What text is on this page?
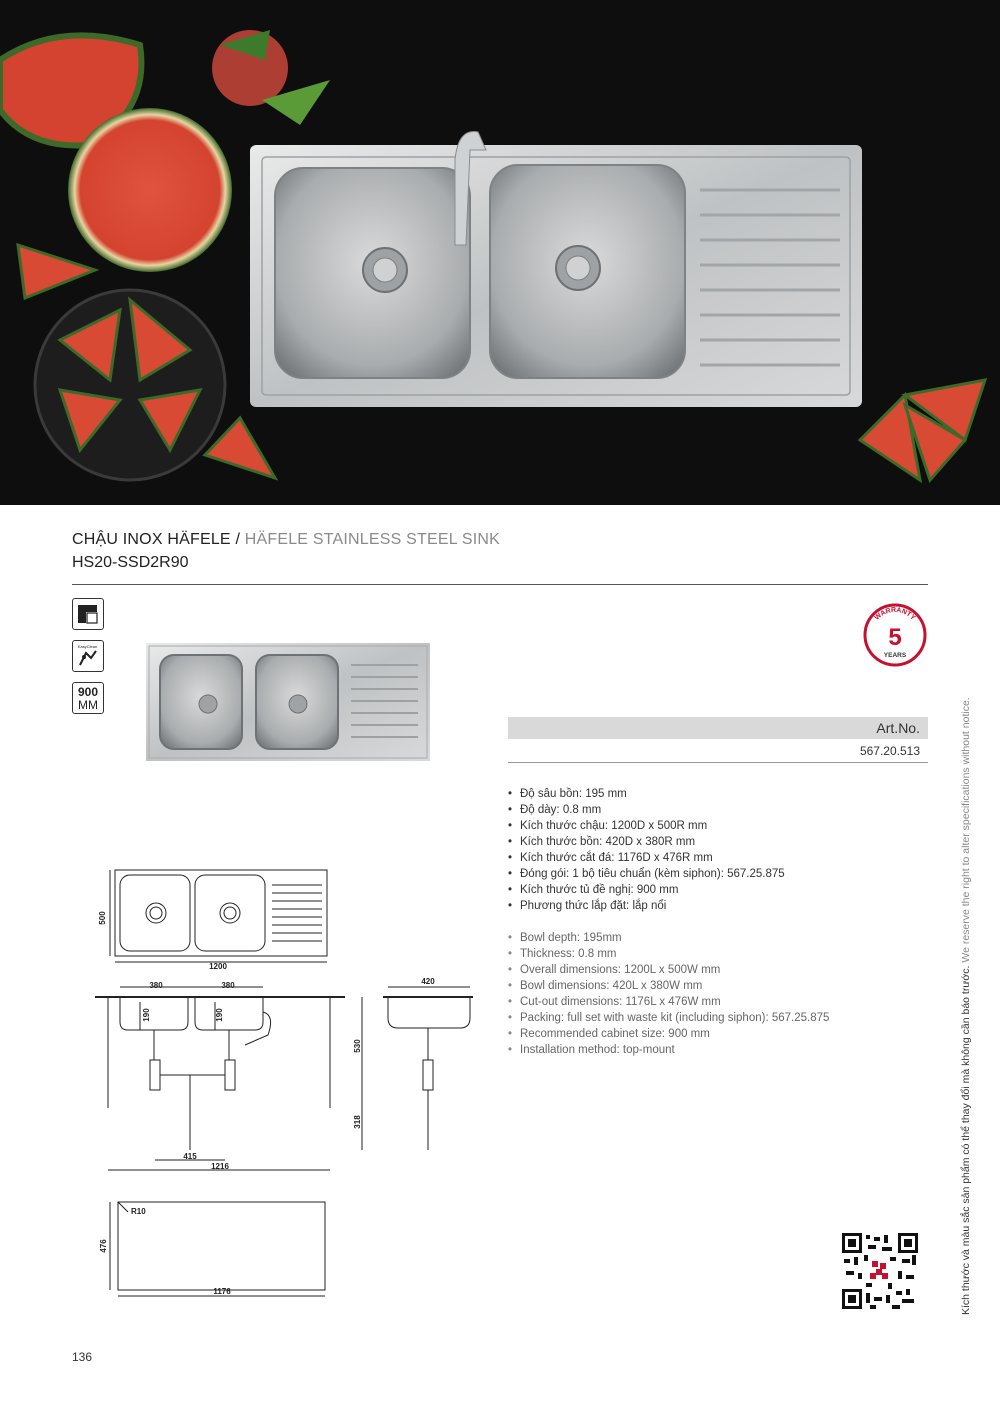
CHẬU INOX HÄFELE / HÄFELE STAINLESS STEEL SINK
HS20-SSD2R90
EasyClean
900
MM
WARRANTY
5
YEARS
Art.No.
567.20.513
• Độ sâu bồn: 195 mm
• Độ dày: 0.8 mm
• Kích thước chậu: 1200D x 500R mm
• Kích thước bồn: 420D x 380R mm
• Kích thước cắt đá: 1176D x 476R mm
• Đóng gói: 1 bộ tiêu chuẩn (kèm siphon): 567.25.875
• Kích thước tủ đề nghị: 900 mm
• Phương thức lắp đặt: lắp nổi
• Bowl depth: 195mm
• Thickness: 0.8 mm
• Overall dimensions: 1200L x 500W mm
• Bowl dimensions: 420L x 380W mm
• Cut-out dimensions: 1176L x 476W mm
• Packing: full set with waste kit (including siphon): 567.25.875
• Recommended cabinet size: 900 mm
• Installation method: top-mount
500
1200
380	380
190	190
420
530
318
415
1216
R10
476
1176	Kích thước và màu sắc sản phẩm có thể thay đổi mà không cần báo trước. We reserve the right to alter specifications without notice.
136
